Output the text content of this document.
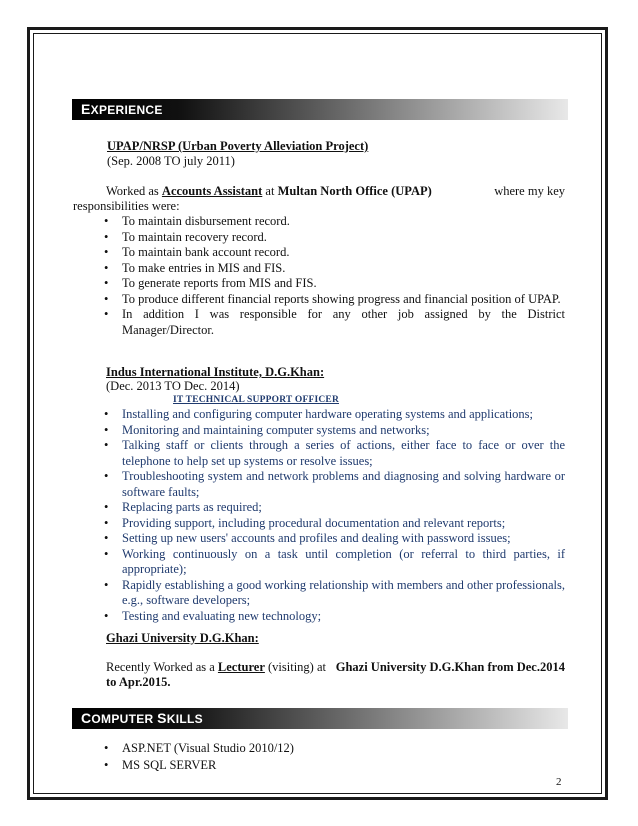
EXPERIENCE
UPAP/NRSP (Urban Poverty Alleviation Project)
(Sep. 2008 TO july 2011)
Worked as Accounts Assistant at Multan North Office (UPAP)	where my key
responsibilities were:
• To maintain disbursement record.
• To maintain recovery record.
• To maintain bank account record.
• To make entries in MIS and FIS.
• To generate reports from MIS and FIS.
• To produce different financial reports showing progress and financial position of UPAP.
• In addition I was responsible for any other job assigned by the District Manager/Director.
Indus International Institute, D.G.Khan:
(Dec. 2013 TO Dec. 2014)
IT TECHNICAL SUPPORT OFFICER
• Installing and configuring computer hardware operating systems and applications;
• Monitoring and maintaining computer systems and networks;
• Talking staff or clients through a series of actions, either face to face or over the telephone to help set up systems or resolve issues;
• Troubleshooting system and network problems and diagnosing and solving hardware or software faults;
• Replacing parts as required;
• Providing support, including procedural documentation and relevant reports;
• Setting up new users' accounts and profiles and dealing with password issues;
• Working continuously on a task until completion (or referral to third parties, if appropriate);
• Rapidly establishing a good working relationship with members and other professionals, e.g., software developers;
• Testing and evaluating new technology;
Ghazi University D.G.Khan:
Recently Worked as a Lecturer (visiting) at Ghazi University D.G.Khan from Dec.2014
to Apr.2015.
COMPUTER SKILLS
• ASP.NET (Visual Studio 2010/12)
• MS SQL SERVER
2
